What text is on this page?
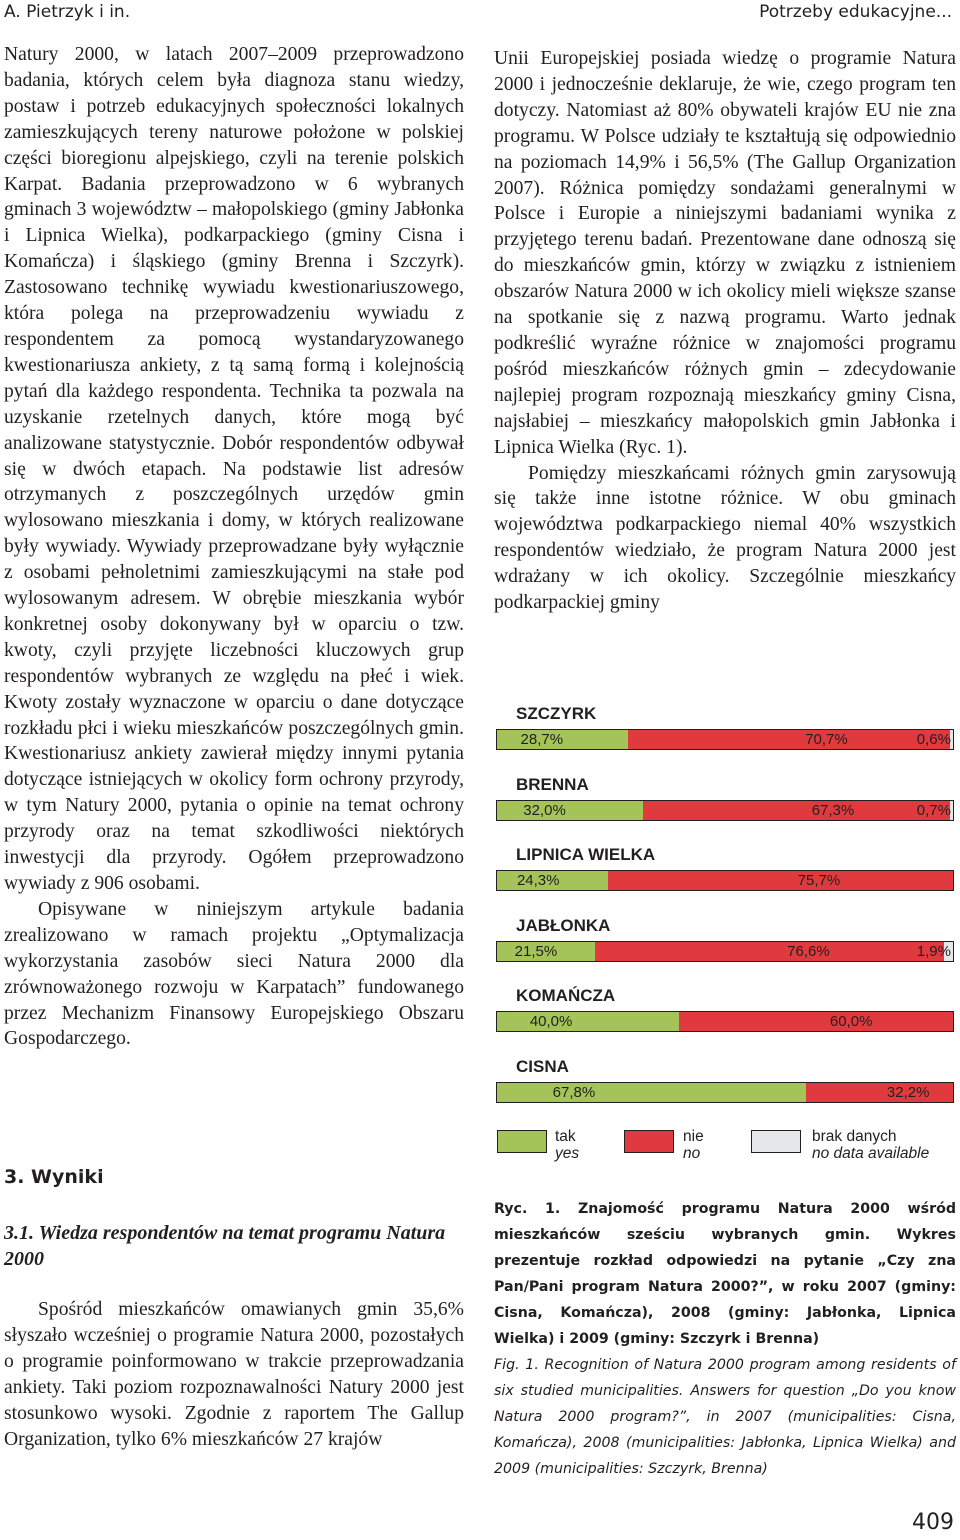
A. Pietrzyk i in.	Potrzeby edukacyjne...

Natury 2000, w latach 2007–2009 przeprowadzono badania, których celem była diagnoza stanu wiedzy, postaw i potrzeb edukacyjnych społeczności lokalnych zamieszkujących tereny naturowe położone w polskiej części bioregionu alpejskiego, czyli na terenie polskich Karpat. Badania przeprowadzono w 6 wybranych gminach 3 województw – małopolskiego (gminy Jabłonka i Lipnica Wielka), podkarpackiego (gminy Cisna i Komańcza) i śląskiego (gminy Brenna i Szczyrk). Zastosowano technikę wywiadu kwestionariuszowego, która polega na przeprowadzeniu wywiadu z respondentem za pomocą wystandaryzowanego kwestionariusza ankiety, z tą samą formą i kolejnością pytań dla każdego respondenta. Technika ta pozwala na uzyskanie rzetelnych danych, które mogą być analizowane statystycznie. Dobór respondentów odbywał się w dwóch etapach. Na podstawie list adresów otrzymanych z poszczególnych urzędów gmin wylosowano mieszkania i domy, w których realizowane były wywiady. Wywiady przeprowadzane były wyłącznie z osobami pełnoletnimi zamieszkującymi na stałe pod wylosowanym adresem. W obrębie mieszkania wybór konkretnej osoby dokonywany był w oparciu o tzw. kwoty, czyli przyjęte liczebności kluczowych grup respondentów wybranych ze względu na płeć i wiek. Kwoty zostały wyznaczone w oparciu o dane dotyczące rozkładu płci i wieku mieszkańców poszczególnych gmin. Kwestionariusz ankiety zawierał między innymi pytania dotyczące istniejących w okolicy form ochrony przyrody, w tym Natury 2000, pytania o opinie na temat ochrony przyrody oraz na temat szkodliwości niektórych inwestycji dla przyrody. Ogółem przeprowadzono wywiady z 906 osobami.

Opisywane w niniejszym artykule badania zrealizowano w ramach projektu „Optymalizacja wykorzystania zasobów sieci Natura 2000 dla zrównoważonego rozwoju w Karpatach” fundowanego przez Mechanizm Finansowy Europejskiego Obszaru Gospodarczego.

3. Wyniki
3.1. Wiedza respondentów na temat programu Natura 2000
Spośród mieszkańców omawianych gmin 35,6% słyszało wcześniej o programie Natura 2000, pozostałych o programie poinformowano w trakcie przeprowadzania ankiety. Taki poziom rozpoznawalności Natury 2000 jest stosunkowo wysoki. Zgodnie z raportem The Gallup Organization, tylko 6% mieszkańców 27 krajów

Unii Europejskiej posiada wiedzę o programie Natura 2000 i jednocześnie deklaruje, że wie, czego program ten dotyczy. Natomiast aż 80% obywateli krajów EU nie zna programu. W Polsce udziały te kształtują się odpowiednio na poziomach 14,9% i 56,5% (The Gallup Organization 2007). Różnica pomiędzy sondażami generalnymi w Polsce i Europie a niniejszymi badaniami wynika z przyjętego terenu badań. Prezentowane dane odnoszą się do mieszkańców gmin, którzy w związku z istnieniem obszarów Natura 2000 w ich okolicy mieli większe szanse na spotkanie się z nazwą programu. Warto jednak podkreślić wyraźne różnice w znajomości programu pośród mieszkańców różnych gmin – zdecydowanie najlepiej program rozpoznają mieszkańcy gminy Cisna, najsłabiej – mieszkańcy małopolskich gmin Jabłonka i Lipnica Wielka (Ryc. 1).

Pomiędzy mieszkańcami różnych gmin zarysowują się także inne istotne różnice. W obu gminach województwa podkarpackiego niemal 40% wszystkich respondentów wiedziało, że program Natura 2000 jest wdrażany w ich okolicy. Szczególnie mieszkańcy podkarpackiej gminy

SZCZYRK
28,7%	70,7%	0,6%
BRENNA
32,0%	67,3%	0,7%
LIPNICA WIELKA
24,3%	75,7%
JABŁONKA
21,5%	76,6%	1,9%
KOMAŃCZA
40,0%	60,0%
CISNA
67,8%	32,2%
tak
yes
nie
no
brak danych
no data available
Ryc. 1. Znajomość programu Natura 2000 wśród mieszkańców sześciu wybranych gmin. Wykres prezentuje rozkład odpowiedzi na pytanie „Czy zna Pan/Pani program Natura 2000?”, w roku 2007 (gminy: Cisna, Komańcza), 2008 (gminy: Jabłonka, Lipnica Wielka) i 2009 (gminy: Szczyrk i Brenna)
Fig. 1. Recognition of Natura 2000 program among residents of six studied municipalities. Answers for question „Do you know Natura 2000 program?”, in 2007 (municipalities: Cisna, Komańcza), 2008 (municipalities: Jabłonka, Lipnica Wielka) and 2009 (municipalities: Szczyrk, Brenna)
409
